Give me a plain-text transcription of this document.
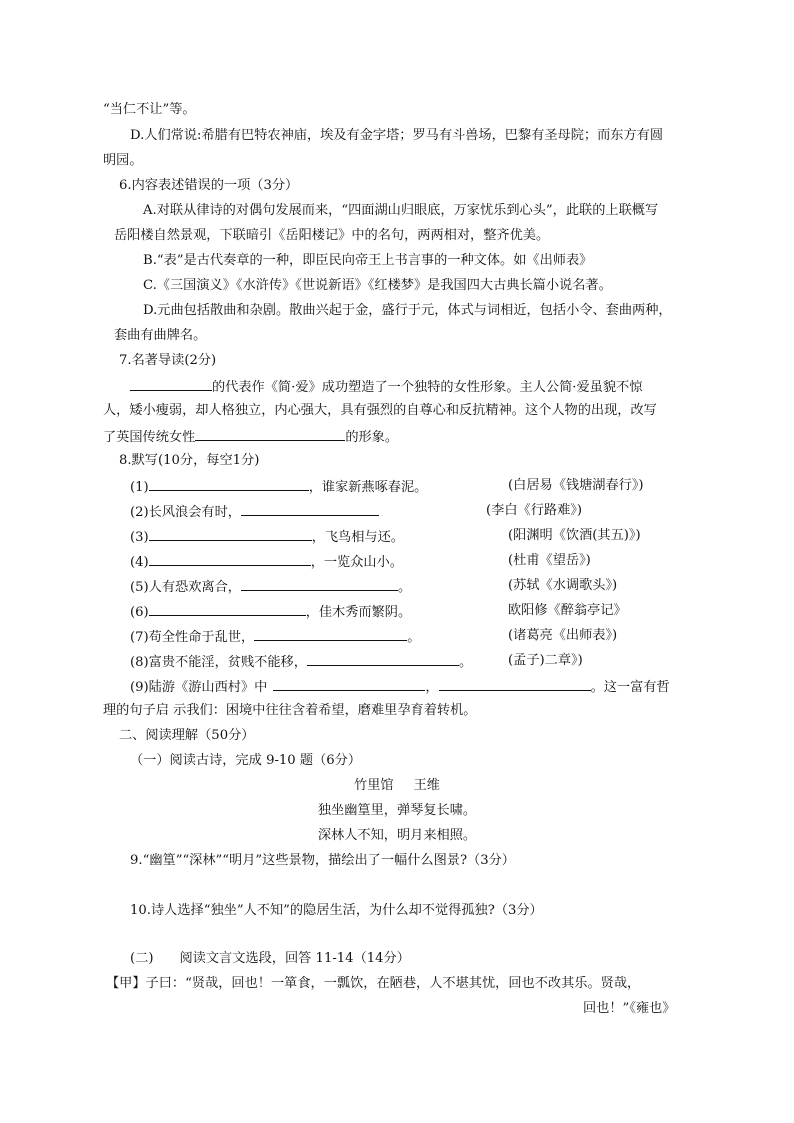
“当仁不让”等。
D.人们常说:希腊有巴特农神庙，埃及有金字塔；罗马有斗兽场，巴黎有圣母院；而东方有圆
明园。
6.内容表述错误的一项（3分）
A.对联从律诗的对偶句发展而来，“四面湖山归眼底，万家忧乐到心头”，此联的上联概写
岳阳楼自然景观，下联暗引《岳阳楼记》中的名句，两两相对，整齐优美。
B.“表”是古代奏章的一种，即臣民向帝王上书言事的一种文体。如《出师表》
C.《三国演义》《水浒传》《世说新语》《红楼梦》是我国四大古典长篇小说名著。
D.元曲包括散曲和杂剧。散曲兴起于金，盛行于元，体式与词相近，包括小令、套曲两种，
套曲有曲牌名。
7.名著导读(2分)
的代表作《简·爱》成功塑造了一个独特的女性形象。主人公简·爱虽貌不惊
人，矮小瘦弱，却人格独立，内心强大，具有强烈的自尊心和反抗精神。这个人物的出现，改写
了英国传统女性	的形象。
8.默写(10分，每空1分)
(1)	，谁家新燕啄春泥。	(白居易《钱塘湖春行》)
(2)长风浪会有时，	(李白《行路难》)
(3)	，飞鸟相与还。	(阳渊明《饮酒(其五)》)
(4)	，一览众山小。	(杜甫《望岳》)
(5)人有恐欢离合，	。	(苏轼《水调歌头》)
(6)	，佳木秀而繁阴。	欧阳修《醉翁亭记》
(7)苟全性命于乱世，	。	(诸葛亮《出师表》)
(8)富贵不能淫，贫贱不能移，	。	(孟子)二章》)
(9)陆游《游山西村》中	，	。这一富有哲
理的句子启 示我们：困境中往往含着希望，磨难里孕育着转机。
二、阅读理解（50分）
（一）阅读古诗，完成 9-10 题（6分）
竹里馆 王维
独坐幽篁里，弹琴复长啸。
深林人不知，明月来相照。
9.“幽篁”“深林”“明月”这些景物，描绘出了一幅什么图景?（3分）
10.诗人选择“独坐”人不知”的隐居生活，为什么却不觉得孤独?（3分）
(二) 阅读文言文选段，回答 11-14（14分）
【甲】子曰：“贤哉，回也！一箪食，一瓢饮，在陋巷，人不堪其忧，回也不改其乐。贤哉，
回也！”《雍也》
